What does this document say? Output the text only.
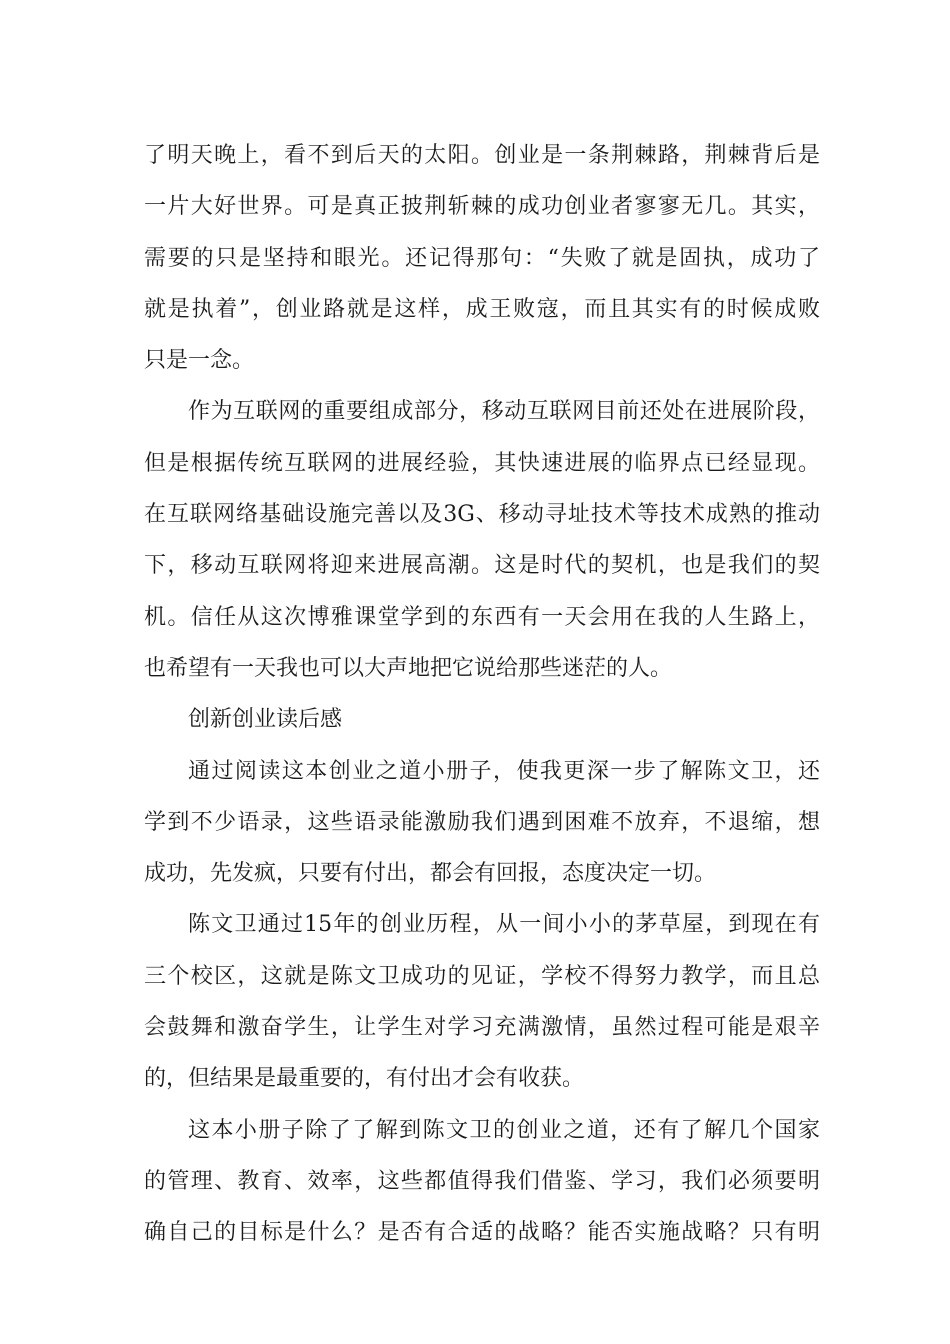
了明天晚上，看不到后天的太阳。创业是一条荆棘路，荆棘背后是
一片大好世界。可是真正披荆斩棘的成功创业者寥寥无几。其实，
需要的只是坚持和眼光。还记得那句：“失败了就是固执，成功了
就是执着”，创业路就是这样，成王败寇，而且其实有的时候成败
只是一念。
作为互联网的重要组成部分，移动互联网目前还处在进展阶段，
但是根据传统互联网的进展经验，其快速进展的临界点已经显现。
在互联网络基础设施完善以及3G、移动寻址技术等技术成熟的推动
下，移动互联网将迎来进展高潮。这是时代的契机，也是我们的契
机。信任从这次博雅课堂学到的东西有一天会用在我的人生路上，
也希望有一天我也可以大声地把它说给那些迷茫的人。
创新创业读后感
通过阅读这本创业之道小册子，使我更深一步了解陈文卫，还
学到不少语录，这些语录能激励我们遇到困难不放弃，不退缩，想
成功，先发疯，只要有付出，都会有回报，态度决定一切。
陈文卫通过15年的创业历程，从一间小小的茅草屋，到现在有
三个校区，这就是陈文卫成功的见证，学校不得努力教学，而且总
会鼓舞和激奋学生，让学生对学习充满激情，虽然过程可能是艰辛
的，但结果是最重要的，有付出才会有收获。
这本小册子除了了解到陈文卫的创业之道，还有了解几个国家
的管理、教育、效率，这些都值得我们借鉴、学习，我们必须要明
确自己的目标是什么？是否有合适的战略？能否实施战略？只有明
